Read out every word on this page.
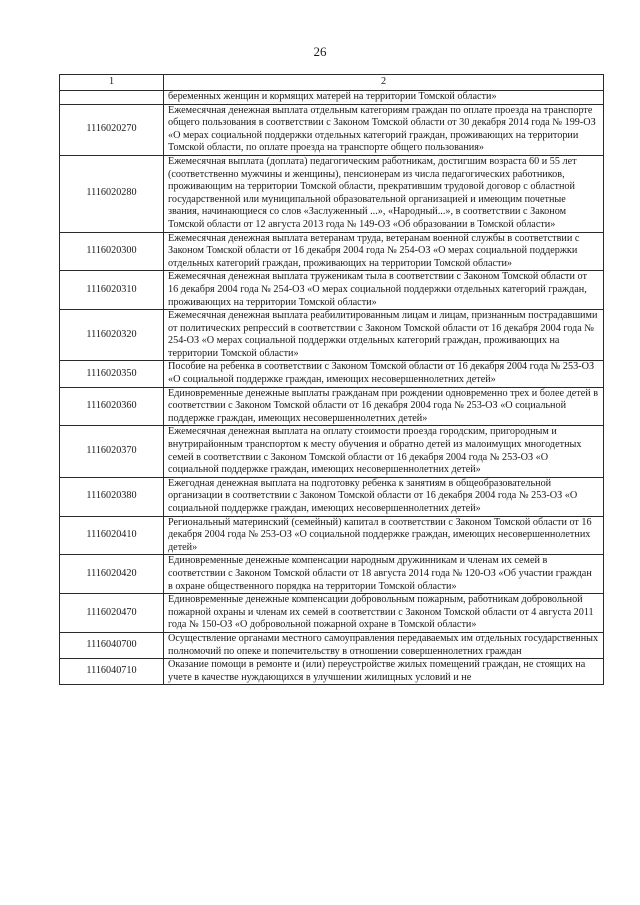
26
1	2
	беременных женщин и кормящих матерей на территории Томской области»
1116020270	Ежемесячная денежная выплата отдельным категориям граждан по оплате проезда на транспорте общего пользования в соответствии с Законом Томской области от 30 декабря 2014 года № 199-ОЗ «О мерах социальной поддержки отдельных категорий граждан, проживающих на территории Томской области, по оплате проезда на транспорте общего пользования»
1116020280	Ежемесячная выплата (доплата) педагогическим работникам, достигшим возраста 60 и 55 лет (соответственно мужчины и женщины), пенсионерам из числа педагогических работников, проживающим на территории Томской области, прекратившим трудовой договор с областной государственной или муниципальной образовательной организацией и имеющим почетные звания, начинающиеся со слов «Заслуженный ...», «Народный...», в соответствии с Законом Томской области от 12 августа 2013 года № 149-ОЗ «Об образовании в Томской области»
1116020300	Ежемесячная денежная выплата ветеранам труда, ветеранам военной службы в соответствии с Законом Томской области от 16 декабря 2004 года № 254-ОЗ «О мерах социальной поддержки отдельных категорий граждан, проживающих на территории Томской области»
1116020310	Ежемесячная денежная выплата труженикам тыла в соответствии с Законом Томской области от 16 декабря 2004 года № 254-ОЗ «О мерах социальной поддержки отдельных категорий граждан, проживающих на территории Томской области»
1116020320	Ежемесячная денежная выплата реабилитированным лицам и лицам, признанным пострадавшими от политических репрессий в соответствии с Законом Томской области от 16 декабря 2004 года № 254-ОЗ «О мерах социальной поддержки отдельных категорий граждан, проживающих на территории Томской области»
1116020350	Пособие на ребенка в соответствии с Законом Томской области от 16 декабря 2004 года № 253-ОЗ «О социальной поддержке граждан, имеющих несовершеннолетних детей»
1116020360	Единовременные денежные выплаты гражданам при рождении одновременно трех и более детей в соответствии с Законом Томской области от 16 декабря 2004 года № 253-ОЗ «О социальной поддержке граждан, имеющих несовершеннолетних детей»
1116020370	Ежемесячная денежная выплата на оплату стоимости проезда городским, пригородным и внутрирайонным транспортом к месту обучения и обратно детей из малоимущих многодетных семей в соответствии с Законом Томской области от 16 декабря 2004 года № 253-ОЗ «О социальной поддержке граждан, имеющих несовершеннолетних детей»
1116020380	Ежегодная денежная выплата на подготовку ребенка к занятиям в общеобразовательной организации в соответствии с Законом Томской области от 16 декабря 2004 года № 253-ОЗ «О социальной поддержке граждан, имеющих несовершеннолетних детей»
1116020410	Региональный материнский (семейный) капитал в соответствии с Законом Томской области от 16 декабря 2004 года № 253-ОЗ «О социальной поддержке граждан, имеющих несовершеннолетних детей»
1116020420	Единовременные денежные компенсации народным дружинникам и членам их семей в соответствии с Законом Томской области от 18 августа 2014 года № 120-ОЗ «Об участии граждан в охране общественного порядка на территории Томской области»
1116020470	Единовременные денежные компенсации добровольным пожарным, работникам добровольной пожарной охраны и членам их семей в соответствии с Законом Томской области от 4 августа 2011 года № 150-ОЗ «О добровольной пожарной охране в Томской области»
1116040700	Осуществление органами местного самоуправления передаваемых им отдельных государственных полномочий по опеке и попечительству в отношении совершеннолетних граждан
1116040710	Оказание помощи в ремонте и (или) переустройстве жилых помещений граждан, не стоящих на учете в качестве нуждающихся в улучшении жилищных условий и не
